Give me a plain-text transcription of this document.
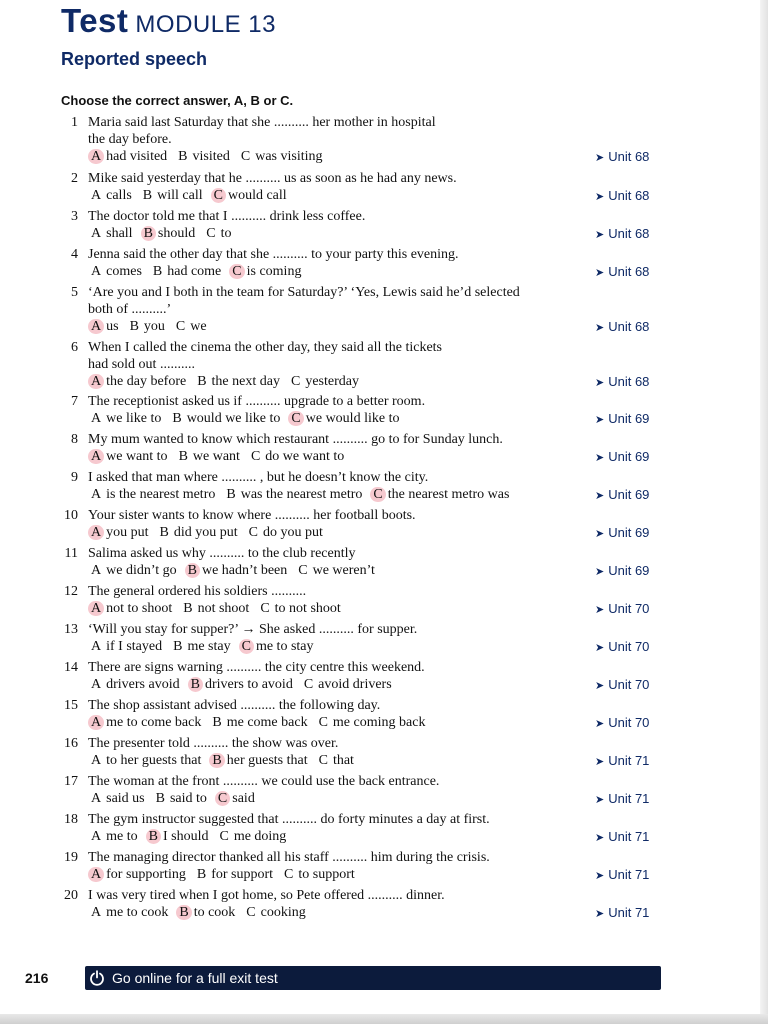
Test MODULE 13
Reported speech
Choose the correct answer, A, B or C.
1 Maria said last Saturday that she .......... her mother in hospital
the day before.
A had visited B visited C was visiting	➤ Unit 68
2 Mike said yesterday that he .......... us as soon as he had any news.
A calls B will call C would call	➤ Unit 68
3 The doctor told me that I .......... drink less coffee.
A shall B should C to	➤ Unit 68
4 Jenna said the other day that she .......... to your party this evening.
A comes B had come C is coming	➤ Unit 68
5 ‘Are you and I both in the team for Saturday?’ ‘Yes, Lewis said he’d selected
both of ..........’
A us B you C we	➤ Unit 68
6 When I called the cinema the other day, they said all the tickets
had sold out ..........
A the day before B the next day C yesterday	➤ Unit 68
7 The receptionist asked us if .......... upgrade to a better room.
A we like to B would we like to C we would like to	➤ Unit 69
8 My mum wanted to know which restaurant .......... go to for Sunday lunch.
A we want to B we want C do we want to	➤ Unit 69
9 I asked that man where .......... , but he doesn’t know the city.
A is the nearest metro B was the nearest metro C the nearest metro was	➤ Unit 69
10 Your sister wants to know where .......... her football boots.
A you put B did you put C do you put	➤ Unit 69
11 Salima asked us why .......... to the club recently
A we didn’t go B we hadn’t been C we weren’t	➤ Unit 69
12 The general ordered his soldiers ..........
A not to shoot B not shoot C to not shoot	➤ Unit 70
13 ‘Will you stay for supper?’ → She asked .......... for supper.
A if I stayed B me stay C me to stay	➤ Unit 70
14 There are signs warning .......... the city centre this weekend.
A drivers avoid B drivers to avoid C avoid drivers	➤ Unit 70
15 The shop assistant advised .......... the following day.
A me to come back B me come back C me coming back	➤ Unit 70
16 The presenter told .......... the show was over.
A to her guests that B her guests that C that	➤ Unit 71
17 The woman at the front .......... we could use the back entrance.
A said us B said to C said	➤ Unit 71
18 The gym instructor suggested that .......... do forty minutes a day at first.
A me to B I should C me doing	➤ Unit 71
19 The managing director thanked all his staff .......... him during the crisis.
A for supporting B for support C to support	➤ Unit 71
20 I was very tired when I got home, so Pete offered .......... dinner.
A me to cook B to cook C cooking	➤ Unit 71
216	Go online for a full exit test
